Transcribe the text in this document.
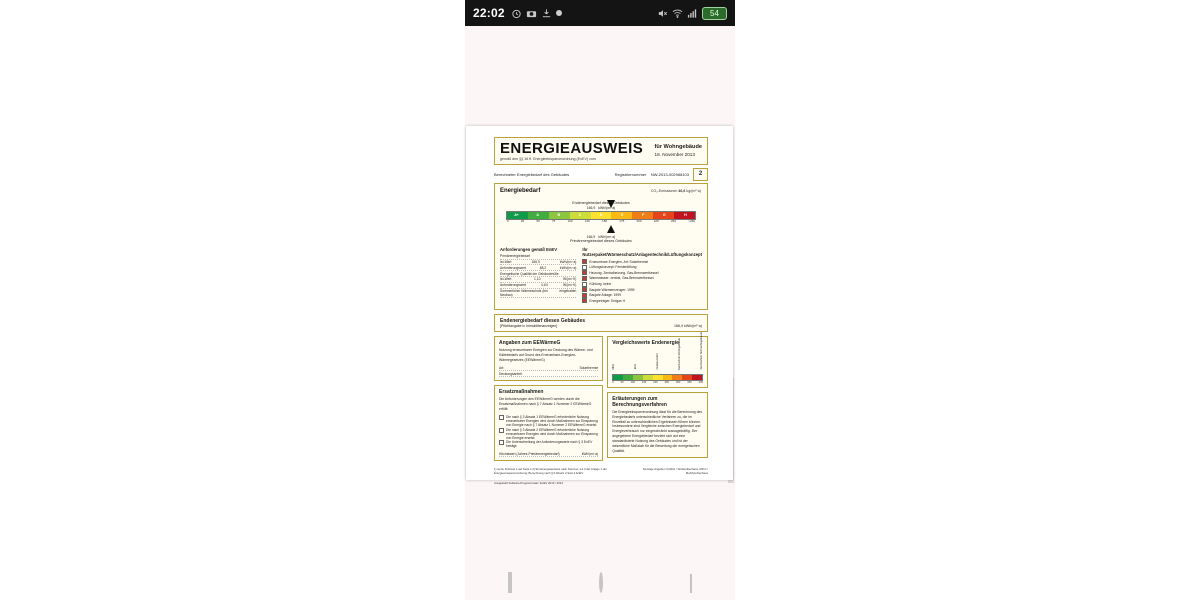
22:02	54
ENERGIEAUSWEIS
gemäß den §§ 16 ff. Energieeinsparverordnung (EnEV) vom
für Wohngebäude
18. November 2013
Berechneter Energiebedarf des Gebäudes	Registriernummer NW-2013-002968103	2
Energiebedarf	CO₂-Emissionen 46,6 kg/(m²·a)
Endenergiebedarf dieses Gebäudes
166,9 kWh/(m²·a)
A+	A	B	C	D	E	F	G	H
0	25	50	75	100	125	150	175	200	225	250	>250
166,9 kWh/(m²·a)
Primärenergiebedarf dieses Gebäudes
Anforderungen gemäß EnEV
Primärenergiebedarf
Ist-Wert	166,9	kWh/(m²·a)
Anforderungswert	88,2	kWh/(m²·a)
Energetische Qualität der Gebäudehülle
Ist-Wert	1,10	W/(m²·K)
Anforderungswert	0,64	W/(m²·K)
Sommerlicher Wärmeschutz (bei Neubau)
eingehalten
Ihr Nutzerpaket/Wärmeschutz/Anlagentechnik/Lüftungskonzept
Erneuerbare Energien, Art: Solarthermie
Lüftungskonzept: Fensterlüftung
Heizung: Zentralheizung, Gas-Brennwertkessel
Warmwasser: zentral, Gas-Brennwertkessel
Kühlung: keine
Baujahr Wärmeerzeuger: 1999
Baujahr Anlage: 1999
Energieträger: Erdgas H
Endenergiebedarf dieses Gebäudes
[Pflichtangabe in Immobilienanzeigen]	166,9 kWh/(m²·a)
Angaben zum EEWärmeG
Nutzung erneuerbarer Energien zur Deckung des Wärme- und Kältebedarfs auf Grund des Erneuerbare-Energien-Wärmegesetzes (EEWärmeG)
Art:	Solarthermie
Deckungsanteil:
Ersatzmaßnahmen
Die Anforderungen des EEWärmeG werden durch die Ersatzmaßnahmen nach § 7 Absatz 1 Nummer 2 EEWärmeG erfüllt:
Die nach § 3 Absatz 1 EEWärmeG erforderliche Nutzung erneuerbarer Energien wird durch Maßnahmen zur Einsparung von Energie nach § 7 Absatz 1 Nummer 2 EEWärmeG ersetzt.
Die nach § 3 Absatz 2 EEWärmeG erforderliche Nutzung erneuerbarer Energien wird durch Maßnahmen zur Einsparung von Energie ersetzt.
Die Unterschreitung der Anforderungswerte nach § 3 EnEV beträgt:
Höchstwert (Jahres-Primärenergiebedarf)	kWh/(m²·a)
Vergleichswerte Endenergie
MFH	EFH	Neubau EnEV	Durchschnitt Wohngebäude	Durchschnitt Nichtwohngebäude
0	50	100	150	200	250	300	350	400
Erläuterungen zum Berechnungsverfahren
Die Energieeinsparverordnung lässt für die Berechnung des Energiebedarfs unterschiedliche Verfahren zu, die im Einzelfall zu unterschiedlichen Ergebnissen führen können. Insbesondere sind Vergleiche zwischen Energiebedarf und Energieverbrauch nur eingeschränkt aussagekräftig. Der angegebene Energiebedarf bezieht sich auf eine standardisierte Nutzung des Gebäudes und ist der wesentliche Maßstab für die Bewertung der energetischen Qualität.
1) siehe Fußnote 1 auf Seite 1 2) Ein Energieausweis nach Nummer 1.2.3 der Anlage 1 der Energieeinsparverordnung; Berechnung nach § 9 Absatz 2 Satz 2 EnEV
Sonstige Angaben 3) EFH = Einfamilienhaus, MFH = Mehrfamilienhaus
Ausgestellt Software-Programmsatz: EnEV 2013 / 2014
